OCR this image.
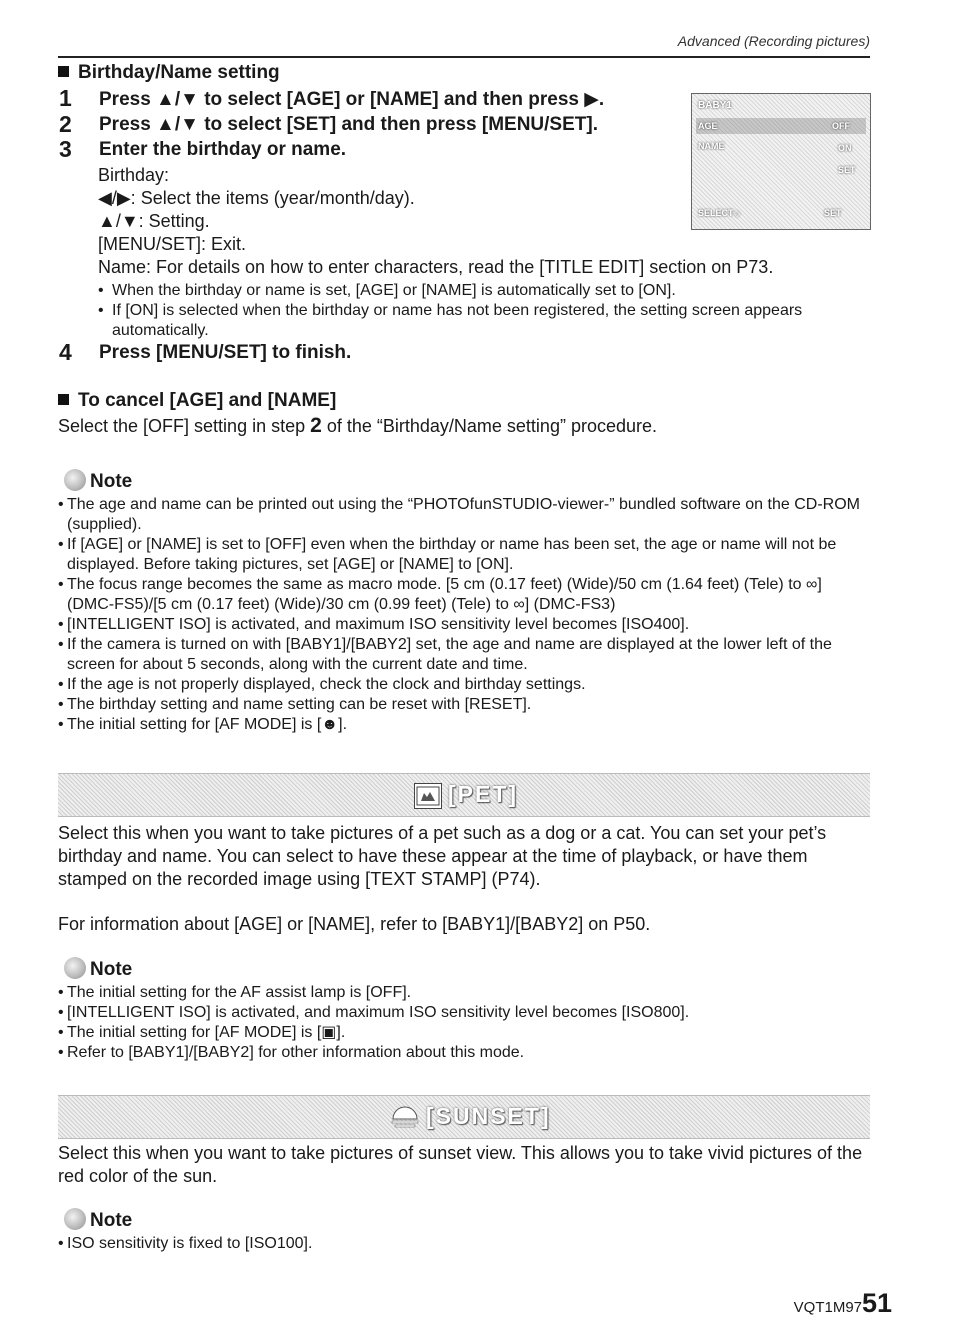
Advanced (Recording pictures)
Birthday/Name setting
1 Press ▲/▼ to select [AGE] or [NAME] and then press ▶.
2 Press ▲/▼ to select [SET] and then press [MENU/SET].
3 Enter the birthday or name.
Birthday:
◀/▶: Select the items (year/month/day).
▲/▼: Setting.
[MENU/SET]: Exit.
Name: For details on how to enter characters, read the [TITLE EDIT] section on P73.
• When the birthday or name is set, [AGE] or [NAME] is automatically set to [ON].
• If [ON] is selected when the birthday or name has not been registered, the setting screen appears automatically.
4 Press [MENU/SET] to finish.
BABY1
AGE
NAME
OFF
ON
SET
SELECT◇	SET
To cancel [AGE] and [NAME]
Select the [OFF] setting in step 2 of the “Birthday/Name setting” procedure.
Note
• The age and name can be printed out using the “PHOTOfunSTUDIO-viewer-” bundled software on the CD-ROM (supplied).
• If [AGE] or [NAME] is set to [OFF] even when the birthday or name has been set, the age or name will not be displayed. Before taking pictures, set [AGE] or [NAME] to [ON].
• The focus range becomes the same as macro mode. [5 cm (0.17 feet) (Wide)/50 cm (1.64 feet) (Tele) to ∞] (DMC-FS5)/[5 cm (0.17 feet) (Wide)/30 cm (0.99 feet) (Tele) to ∞] (DMC-FS3)
• [INTELLIGENT ISO] is activated, and maximum ISO sensitivity level becomes [ISO400].
• If the camera is turned on with [BABY1]/[BABY2] set, the age and name are displayed at the lower left of the screen for about 5 seconds, along with the current date and time.
• If the age is not properly displayed, check the clock and birthday settings.
• The birthday setting and name setting can be reset with [RESET].
• The initial setting for [AF MODE] is [☻].
[PET]
Select this when you want to take pictures of a pet such as a dog or a cat. You can set your pet’s birthday and name. You can select to have these appear at the time of playback, or have them stamped on the recorded image using [TEXT STAMP] (P74).
For information about [AGE] or [NAME], refer to [BABY1]/[BABY2] on P50.
Note
• The initial setting for the AF assist lamp is [OFF].
• [INTELLIGENT ISO] is activated, and maximum ISO sensitivity level becomes [ISO800].
• The initial setting for [AF MODE] is [▣].
• Refer to [BABY1]/[BABY2] for other information about this mode.
[SUNSET]
Select this when you want to take pictures of sunset view. This allows you to take vivid pictures of the red color of the sun.
Note
• ISO sensitivity is fixed to [ISO100].
VQT1M97 51
